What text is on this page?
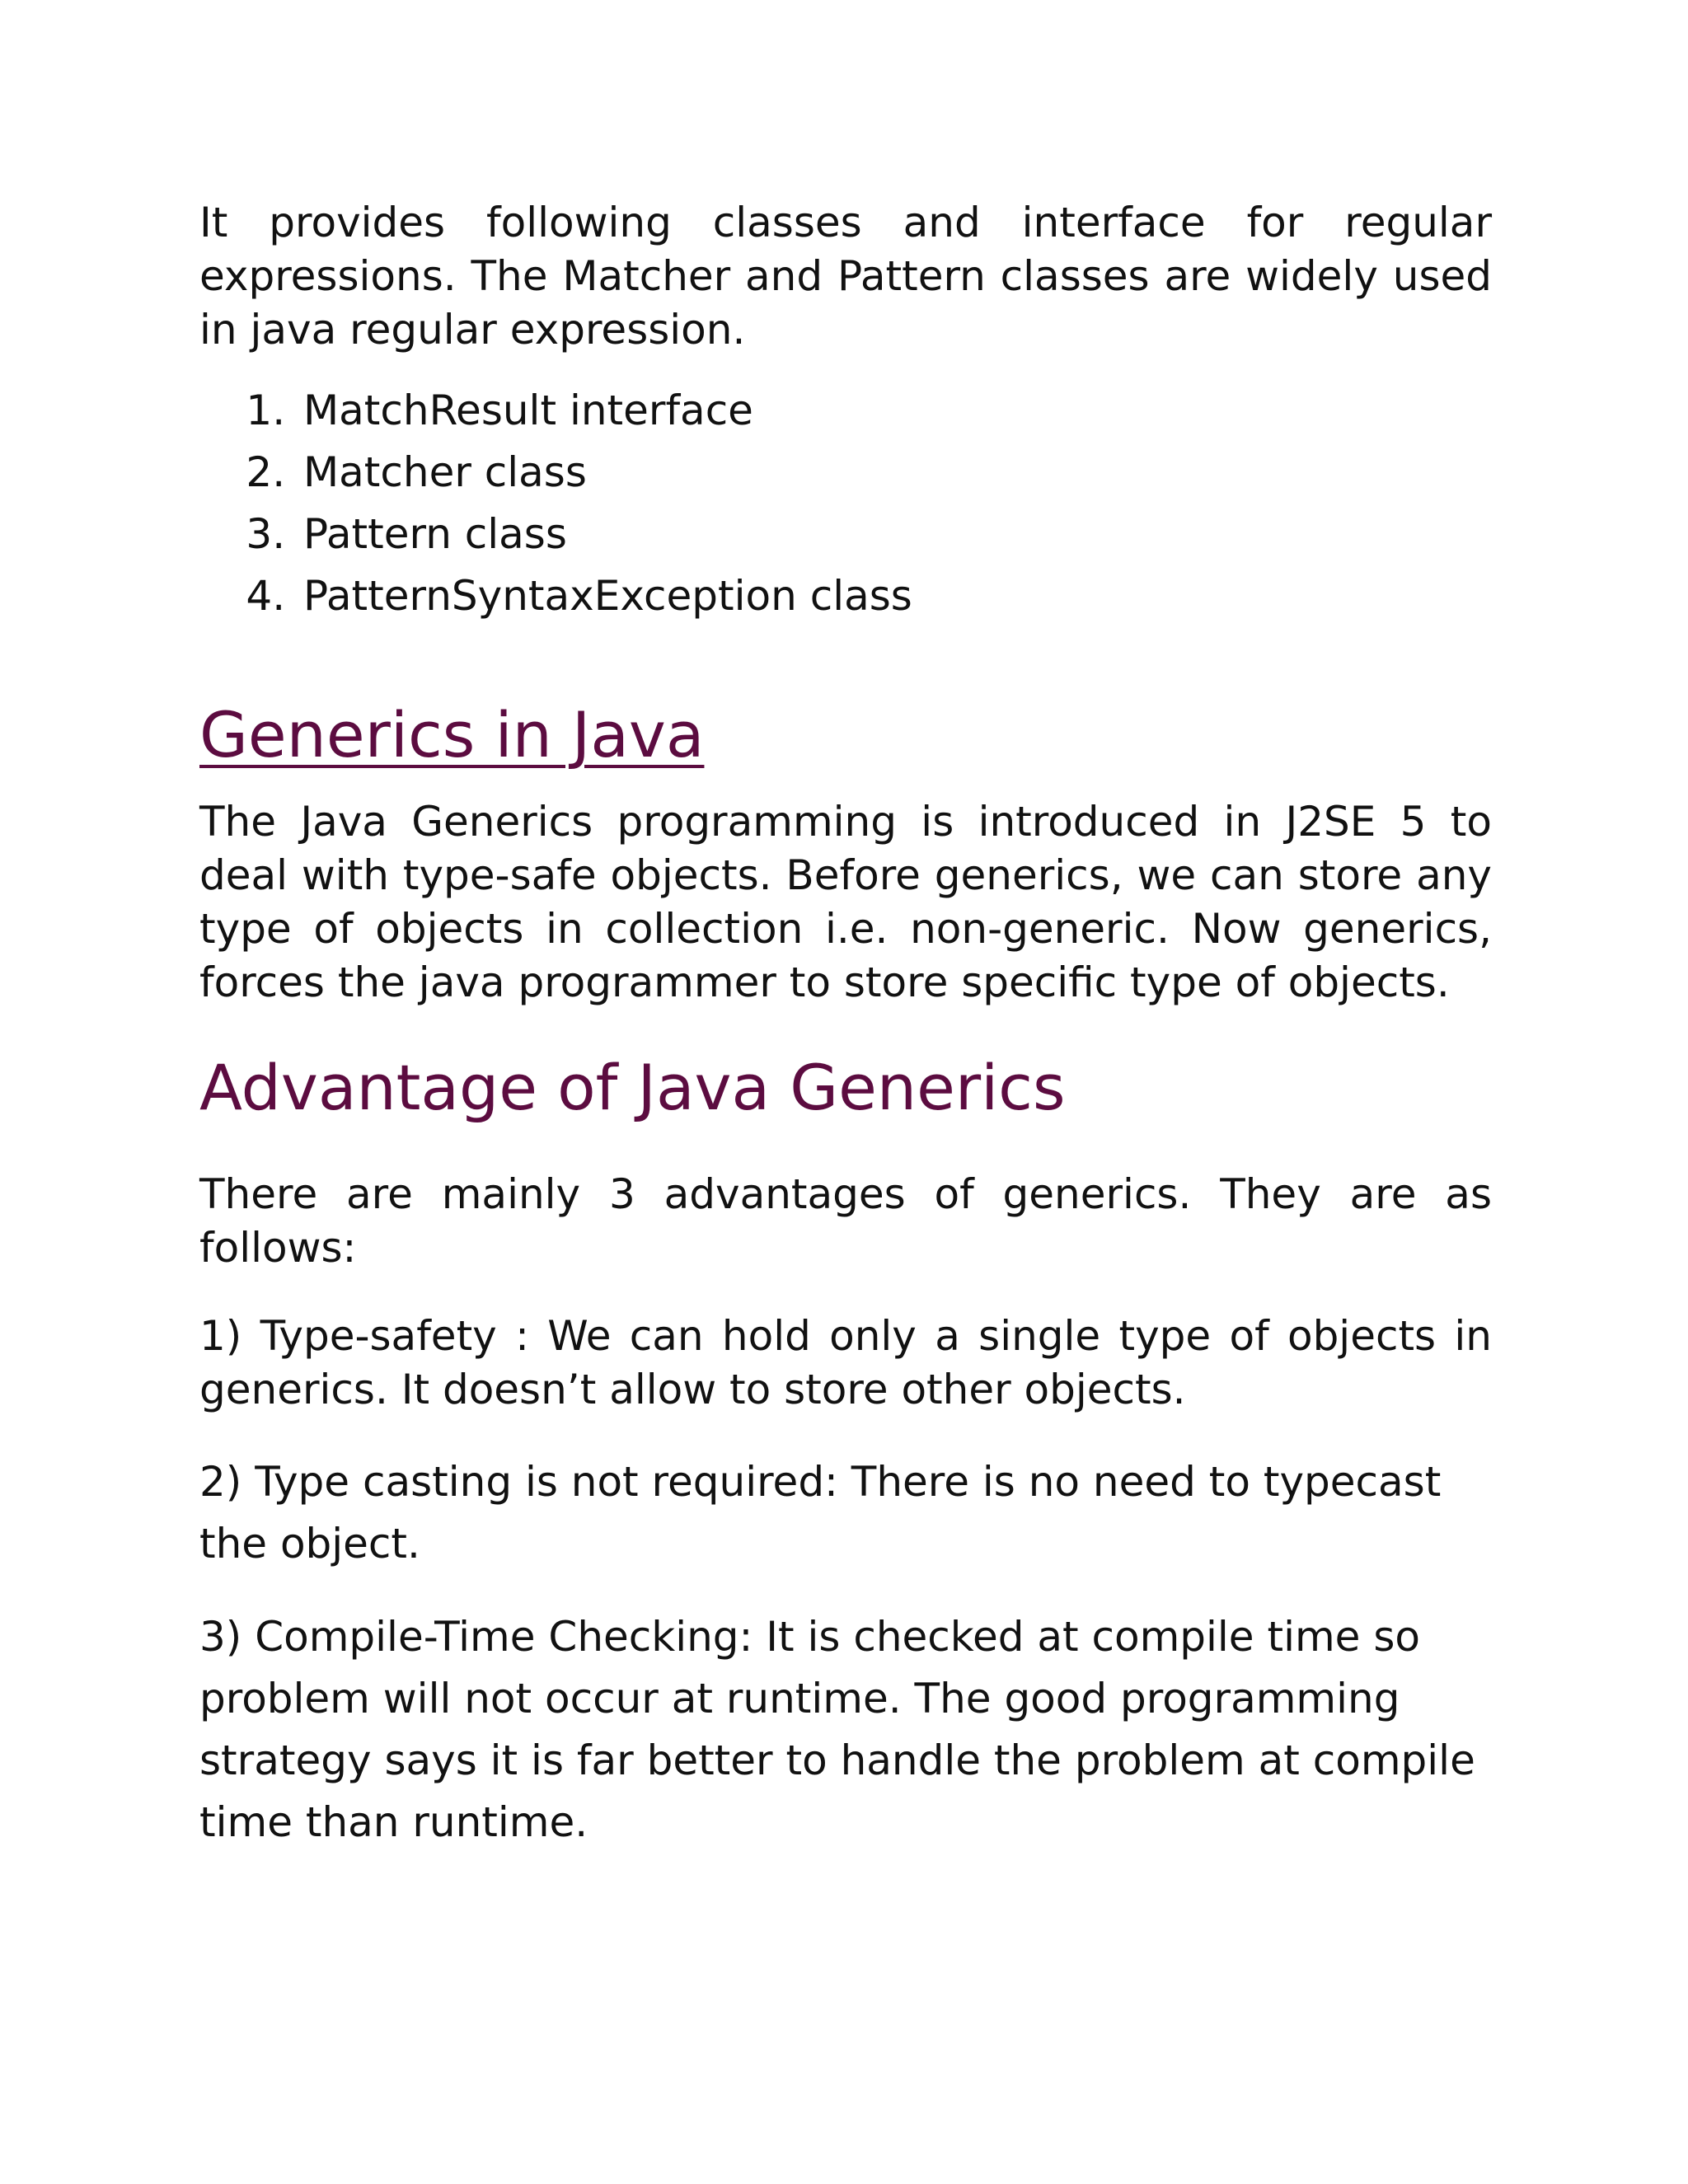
It provides following classes and interface for regular expressions. The Matcher and Pattern classes are widely used in java regular expression.

1. MatchResult interface
2. Matcher class
3. Pattern class
4. PatternSyntaxException class
Generics in Java

The Java Generics programming is introduced in J2SE 5 to deal with type-safe objects. Before generics, we can store any type of objects in collection i.e. non-generic. Now generics, forces the java programmer to store specific type of objects.

Advantage of Java Generics

There are mainly 3 advantages of generics. They are as follows:

1) Type-safety : We can hold only a single type of objects in generics. It doesn’t allow to store other objects.

2) Type casting is not required: There is no need to typecast the object.

3) Compile-Time Checking: It is checked at compile time so problem will not occur at runtime. The good programming strategy says it is far better to handle the problem at compile time than runtime.
